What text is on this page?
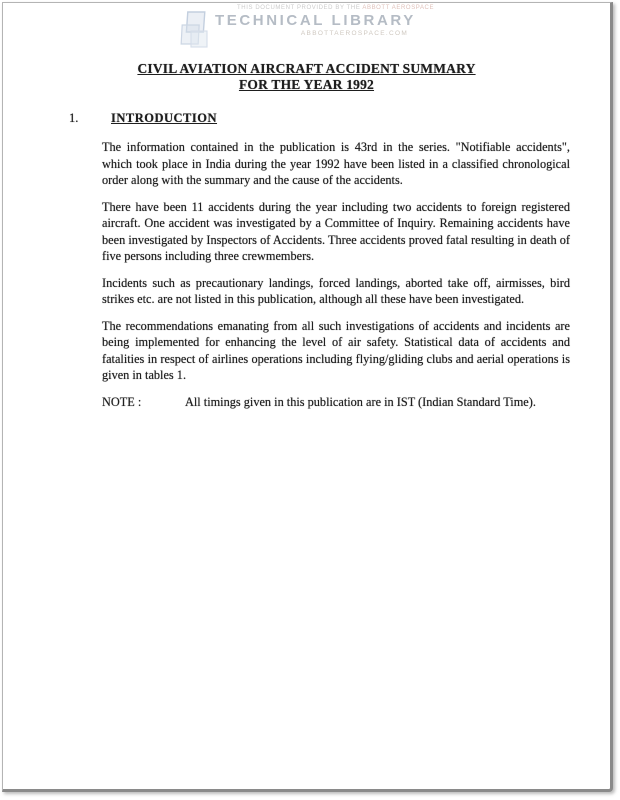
THIS DOCUMENT PROVIDED BY THE ABBOTT AEROSPACE
TECHNICAL LIBRARY
ABBOTTAEROSPACE.COM
CIVIL AVIATION AIRCRAFT ACCIDENT SUMMARY
FOR THE YEAR 1992
1.	INTRODUCTION

The information contained in the publication is 43rd in the series. "Notifiable accidents", which took place in India during the year 1992 have been listed in a classified chronological order along with the summary and the cause of the accidents.

There have been 11 accidents during the year including two accidents to foreign registered aircraft. One accident was investigated by a Committee of Inquiry. Remaining accidents have been investigated by Inspectors of Accidents. Three accidents proved fatal resulting in death of five persons including three crewmembers.

Incidents such as precautionary landings, forced landings, aborted take off, airmisses, bird strikes etc. are not listed in this publication, although all these have been investigated.

The recommendations emanating from all such investigations of accidents and incidents are being implemented for enhancing the level of air safety. Statistical data of accidents and fatalities in respect of airlines operations including flying/gliding clubs and aerial operations is given in tables 1.

NOTE :	All timings given in this publication are in IST (Indian Standard Time).
